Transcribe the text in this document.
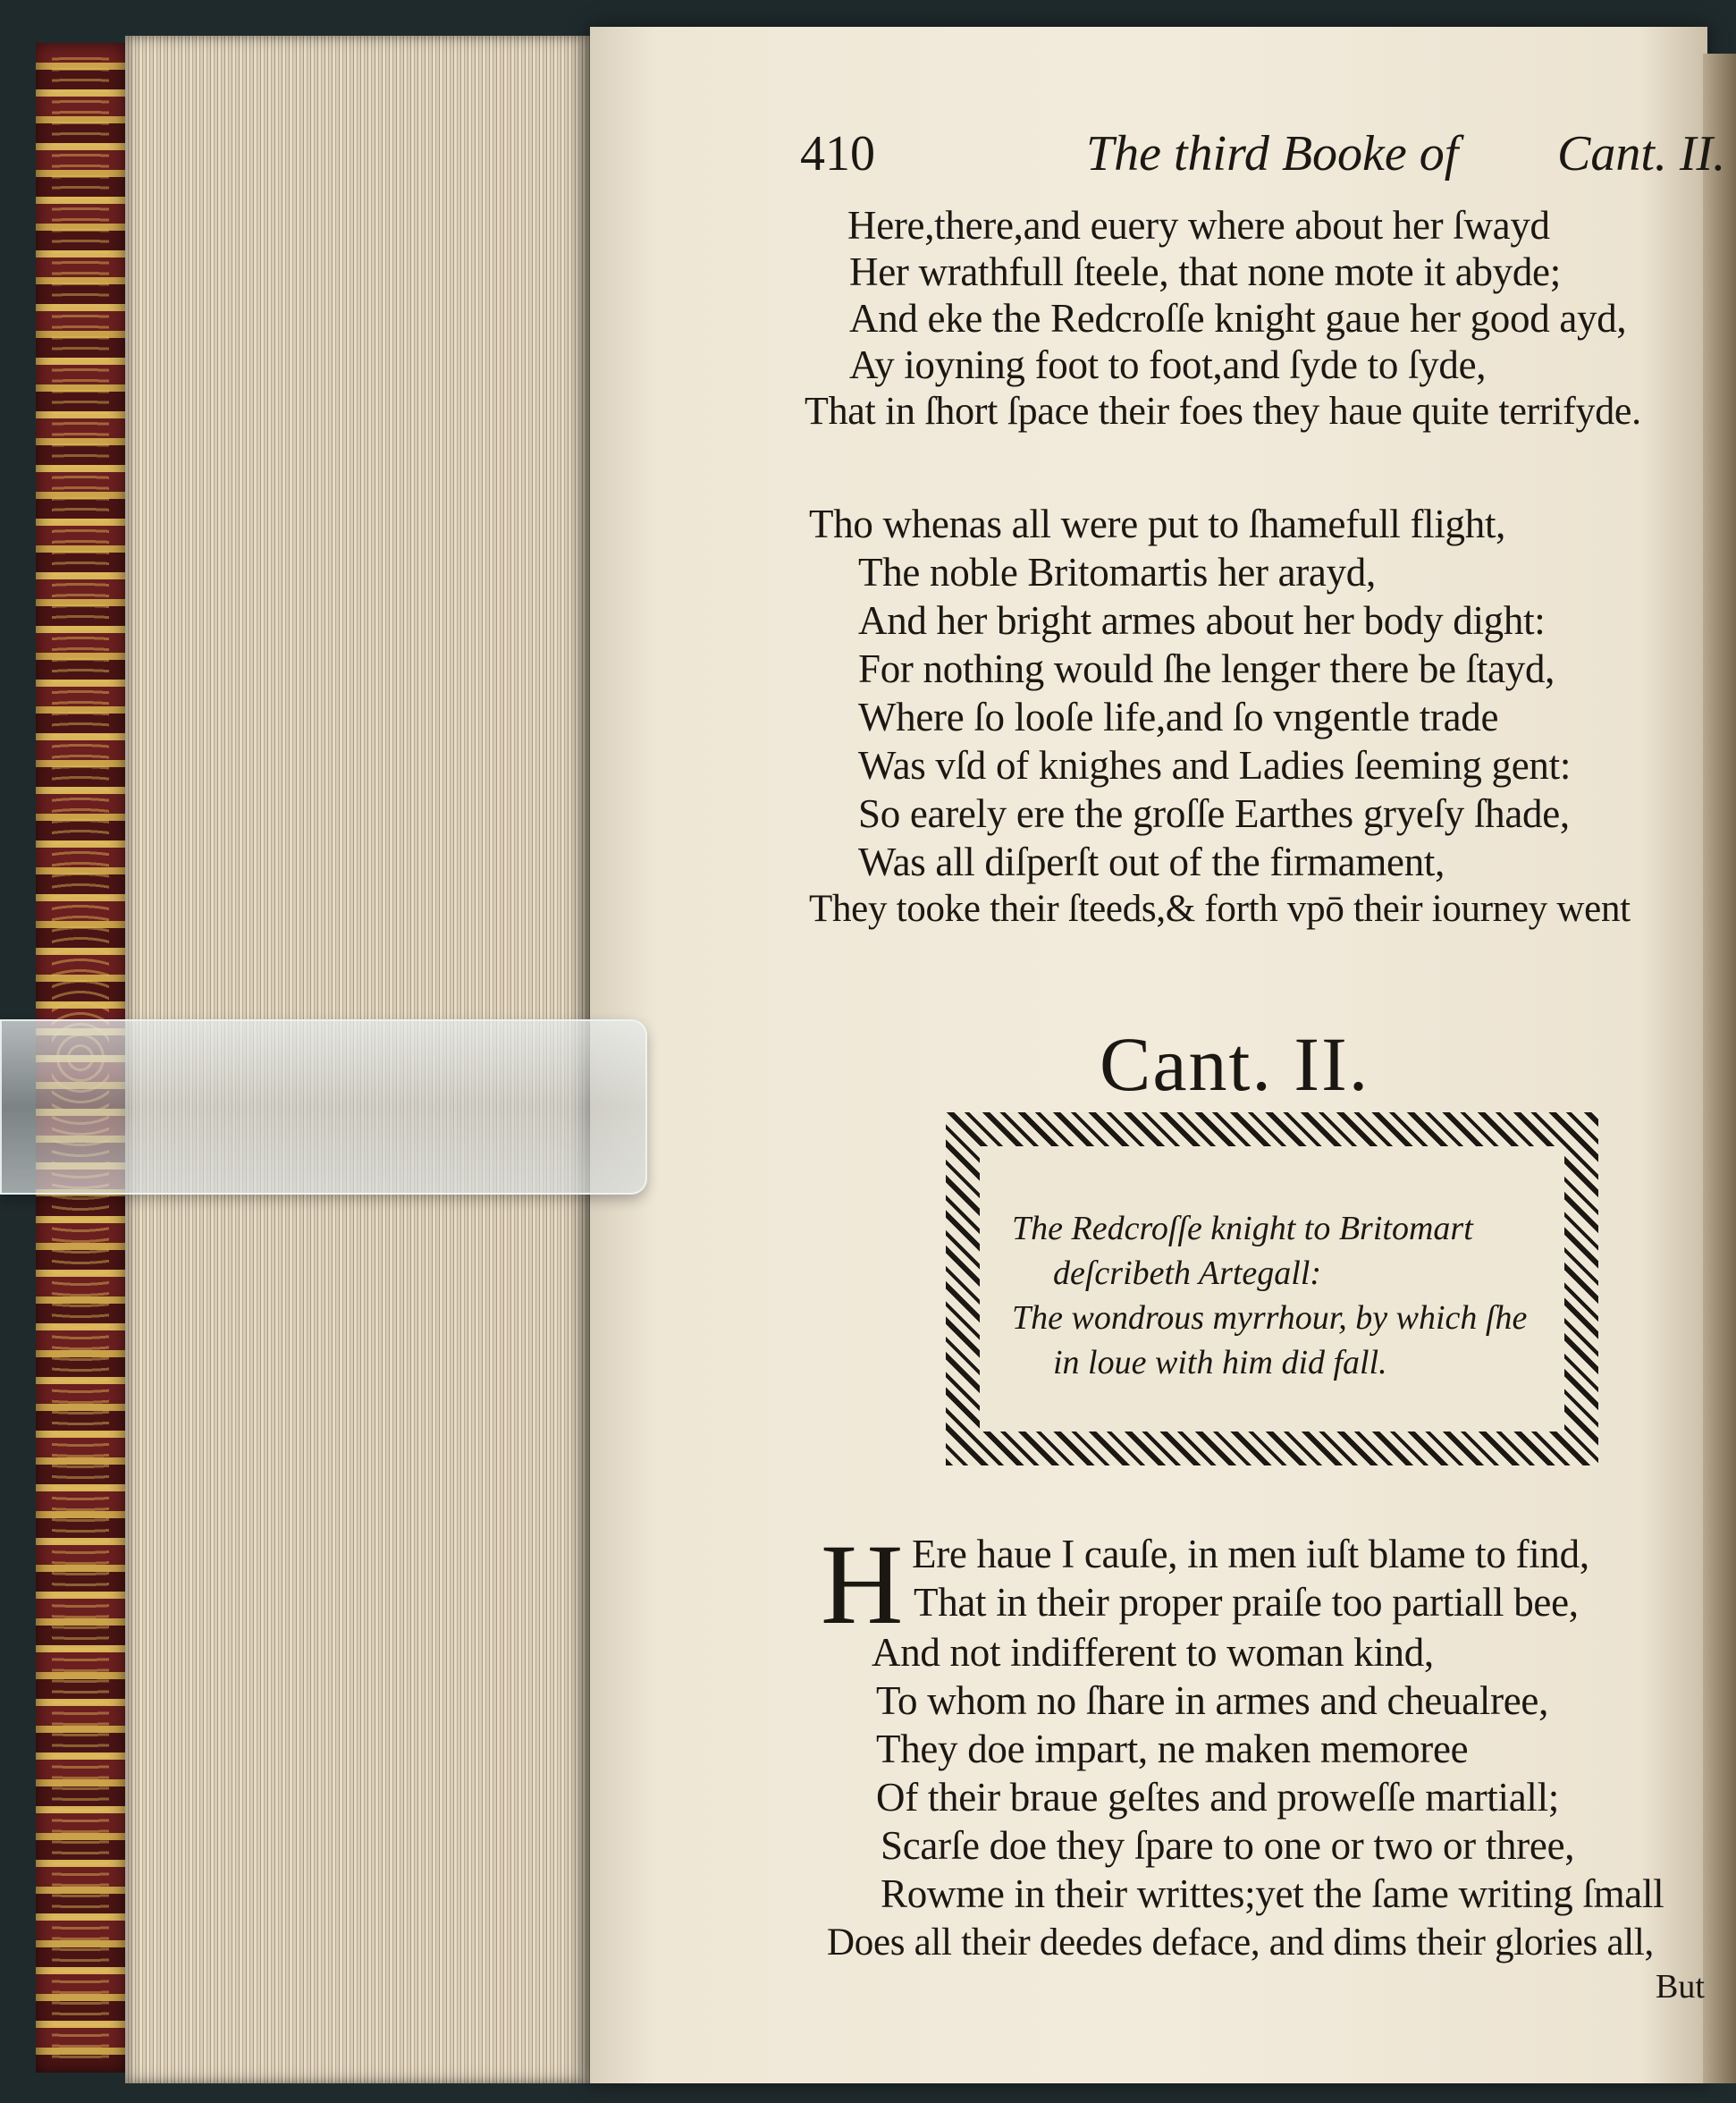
410	The third Booke of Cant. II.
Here,there,and euery where about her ſwayd
Her wrathfull ſteele, that none mote it abyde;
And eke the Redcroſſe knight gaue her good ayd,
Ay ioyning foot to foot,and ſyde to ſyde,
That in ſhort ſpace their foes they haue quite terrifyde.
Tho whenas all were put to ſhamefull flight,
The noble Britomartis her arayd,
And her bright armes about her body dight:
For nothing would ſhe lenger there be ſtayd,
Where ſo looſe life,and ſo vngentle trade
Was vſd of knighes and Ladies ſeeming gent:
So earely ere the groſſe Earthes gryeſy ſhade,
Was all diſperſt out of the firmament,
They tooke their ſteeds,& forth vpō their iourney went
Cant. II.
The Redcroſſe knight to Britomart
deſcribeth Artegall:
The wondrous myrrhour, by which ſhe
in loue with him did fall.
H Ere haue I cauſe, in men iuſt blame to find,
That in their proper praiſe too partiall bee,
And not indifferent to woman kind,
To whom no ſhare in armes and cheualree,
They doe impart, ne maken memoree
Of their braue geſtes and proweſſe martiall;
Scarſe doe they ſpare to one or two or three,
Rowme in their writtes;yet the ſame writing ſmall
Does all their deedes deface, and dims their glories all,
But
